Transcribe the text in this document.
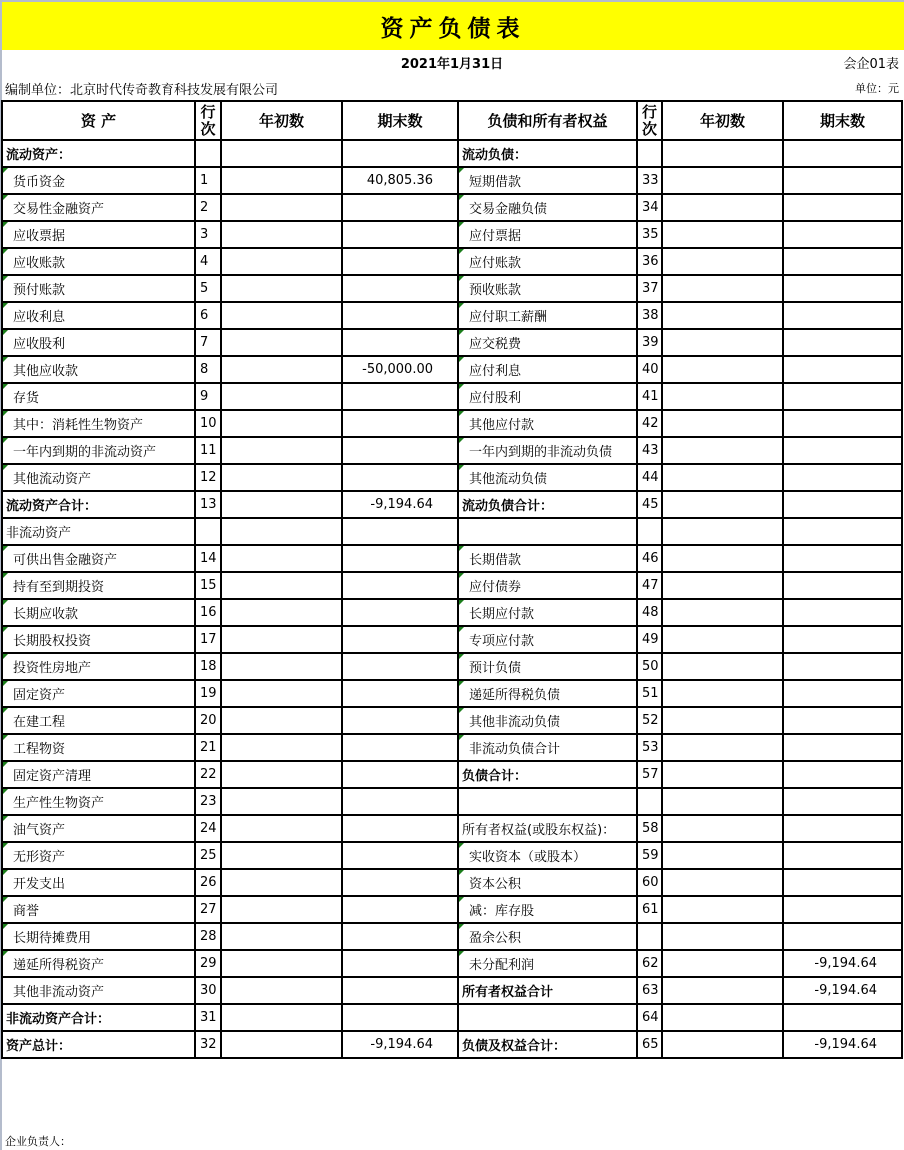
资产负债表
2021年1月31日	会企01表
编制单位：北京时代传奇教育科技发展有限公司	单位：元
资 产	行次	年初数	期末数	负债和所有者权益	行次	年初数	期末数
流动资产：				流动负债：			
货币资金	1		40,805.36	短期借款	33		
交易性金融资产	2			交易金融负债	34		
应收票据	3			应付票据	35		
应收账款	4			应付账款	36		
预付账款	5			预收账款	37		
应收利息	6			应付职工薪酬	38		
应收股利	7			应交税费	39		
其他应收款	8		-50,000.00	应付利息	40		
存货	9			应付股利	41		
其中：消耗性生物资产	10			其他应付款	42		
一年内到期的非流动资产	11			一年内到期的非流动负债	43		
其他流动资产	12			其他流动负债	44		
流动资产合计：	13		-9,194.64	流动负债合计：	45		
非流动资产							
可供出售金融资产	14			长期借款	46		
持有至到期投资	15			应付债券	47		
长期应收款	16			长期应付款	48		
长期股权投资	17			专项应付款	49		
投资性房地产	18			预计负债	50		
固定资产	19			递延所得税负债	51		
在建工程	20			其他非流动负债	52		
工程物资	21			非流动负债合计	53		
固定资产清理	22			负债合计：	57		
生产性生物资产	23						
油气资产	24			所有者权益(或股东权益)：	58		
无形资产	25			实收资本（或股本）	59		
开发支出	26			资本公积	60		
商誉	27			减：库存股	61		
长期待摊费用	28			盈余公积			
递延所得税资产	29			未分配利润	62		-9,194.64
其他非流动资产	30			所有者权益合计	63		-9,194.64
非流动资产合计：	31				64		
资产总计：	32		-9,194.64	负债及权益合计：	65		-9,194.64
企业负责人：
